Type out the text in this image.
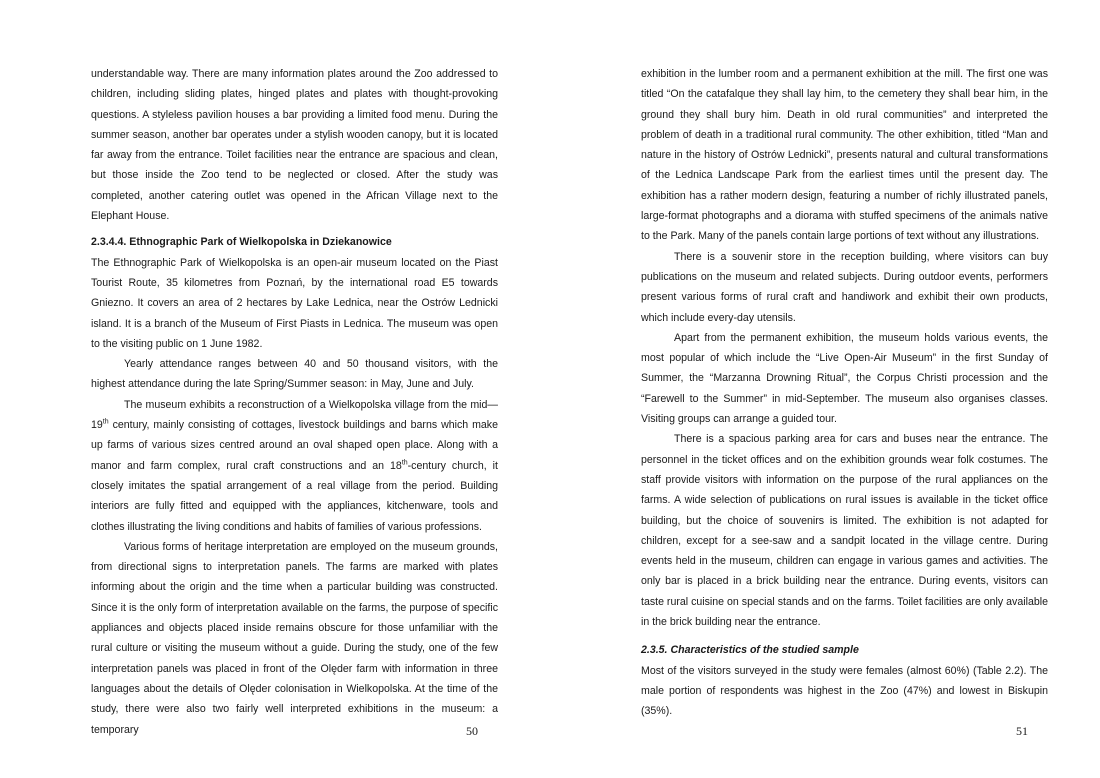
understandable way. There are many information plates around the Zoo addressed to children, including sliding plates, hinged plates and plates with thought-provoking questions. A styleless pavilion houses a bar providing a limited food menu. During the summer season, another bar operates under a stylish wooden canopy, but it is located far away from the entrance. Toilet facilities near the entrance are spacious and clean, but those inside the Zoo tend to be neglected or closed. After the study was completed, another catering outlet was opened in the African Village next to the Elephant House.

2.3.4.4. Ethnographic Park of Wielkopolska in Dziekanowice

The Ethnographic Park of Wielkopolska is an open-air museum located on the Piast Tourist Route, 35 kilometres from Poznań, by the international road E5 towards Gniezno. It covers an area of 2 hectares by Lake Lednica, near the Ostrów Lednicki island. It is a branch of the Museum of First Piasts in Lednica. The museum was open to the visiting public on 1 June 1982.

Yearly attendance ranges between 40 and 50 thousand visitors, with the highest attendance during the late Spring/Summer season: in May, June and July.

The museum exhibits a reconstruction of a Wielkopolska village from the mid—19th century, mainly consisting of cottages, livestock buildings and barns which make up farms of various sizes centred around an oval shaped open place. Along with a manor and farm complex, rural craft constructions and an 18th-century church, it closely imitates the spatial arrangement of a real village from the period. Building interiors are fully fitted and equipped with the appliances, kitchenware, tools and clothes illustrating the living conditions and habits of families of various professions.

Various forms of heritage interpretation are employed on the museum grounds, from directional signs to interpretation panels. The farms are marked with plates informing about the origin and the time when a particular building was constructed. Since it is the only form of interpretation available on the farms, the purpose of specific appliances and objects placed inside remains obscure for those unfamiliar with the rural culture or visiting the museum without a guide. During the study, one of the few interpretation panels was placed in front of the Olęder farm with information in three languages about the details of Olęder colonisation in Wielkopolska. At the time of the study, there were also two fairly well interpreted exhibitions in the museum: a temporary	50

exhibition in the lumber room and a permanent exhibition at the mill. The first one was titled “On the catafalque they shall lay him, to the cemetery they shall bear him, in the ground they shall bury him. Death in old rural communities” and interpreted the problem of death in a traditional rural community. The other exhibition, titled “Man and nature in the history of Ostrów Lednicki”, presents natural and cultural transformations of the Lednica Landscape Park from the earliest times until the present day. The exhibition has a rather modern design, featuring a number of richly illustrated panels, large-format photographs and a diorama with stuffed specimens of the animals native to the Park. Many of the panels contain large portions of text without any illustrations.

There is a souvenir store in the reception building, where visitors can buy publications on the museum and related subjects. During outdoor events, performers present various forms of rural craft and handiwork and exhibit their own products, which include every-day utensils.

Apart from the permanent exhibition, the museum holds various events, the most popular of which include the “Live Open-Air Museum” in the first Sunday of Summer, the “Marzanna Drowning Ritual”, the Corpus Christi procession and the “Farewell to the Summer” in mid-September. The museum also organises classes. Visiting groups can arrange a guided tour.

There is a spacious parking area for cars and buses near the entrance. The personnel in the ticket offices and on the exhibition grounds wear folk costumes. The staff provide visitors with information on the purpose of the rural appliances on the farms. A wide selection of publications on rural issues is available in the ticket office building, but the choice of souvenirs is limited. The exhibition is not adapted for children, except for a see-saw and a sandpit located in the village centre. During events held in the museum, children can engage in various games and activities. The only bar is placed in a brick building near the entrance. During events, visitors can taste rural cuisine on special stands and on the farms. Toilet facilities are only available in the brick building near the entrance.

2.3.5. Characteristics of the studied sample

Most of the visitors surveyed in the study were females (almost 60%) (Table 2.2). The male portion of respondents was highest in the Zoo (47%) and lowest in Biskupin (35%).

51
